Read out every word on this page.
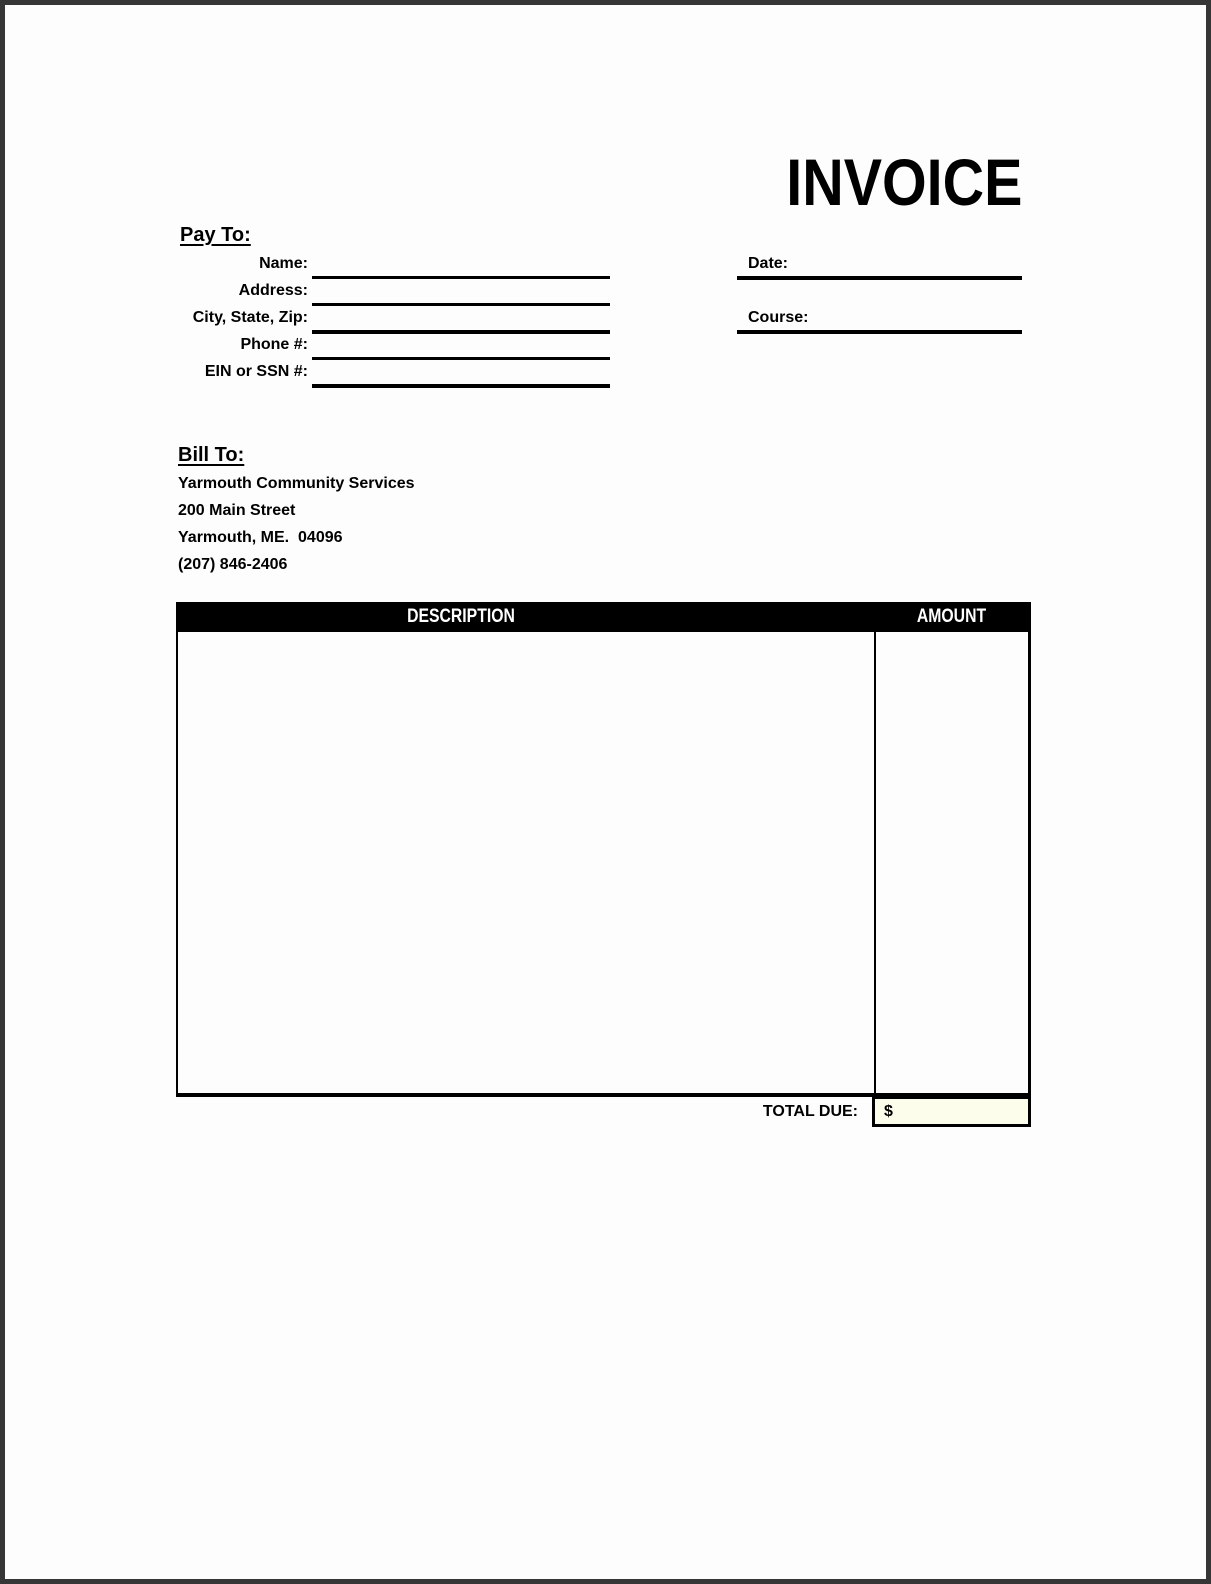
INVOICE
Pay To:
Name:
Address:
City, State, Zip:
Phone #:
EIN or SSN #:
Date:
Course:
Bill To:
Yarmouth Community Services
200 Main Street
Yarmouth, ME.  04096
(207) 846-2406
DESCRIPTION	AMOUNT
TOTAL DUE: $
